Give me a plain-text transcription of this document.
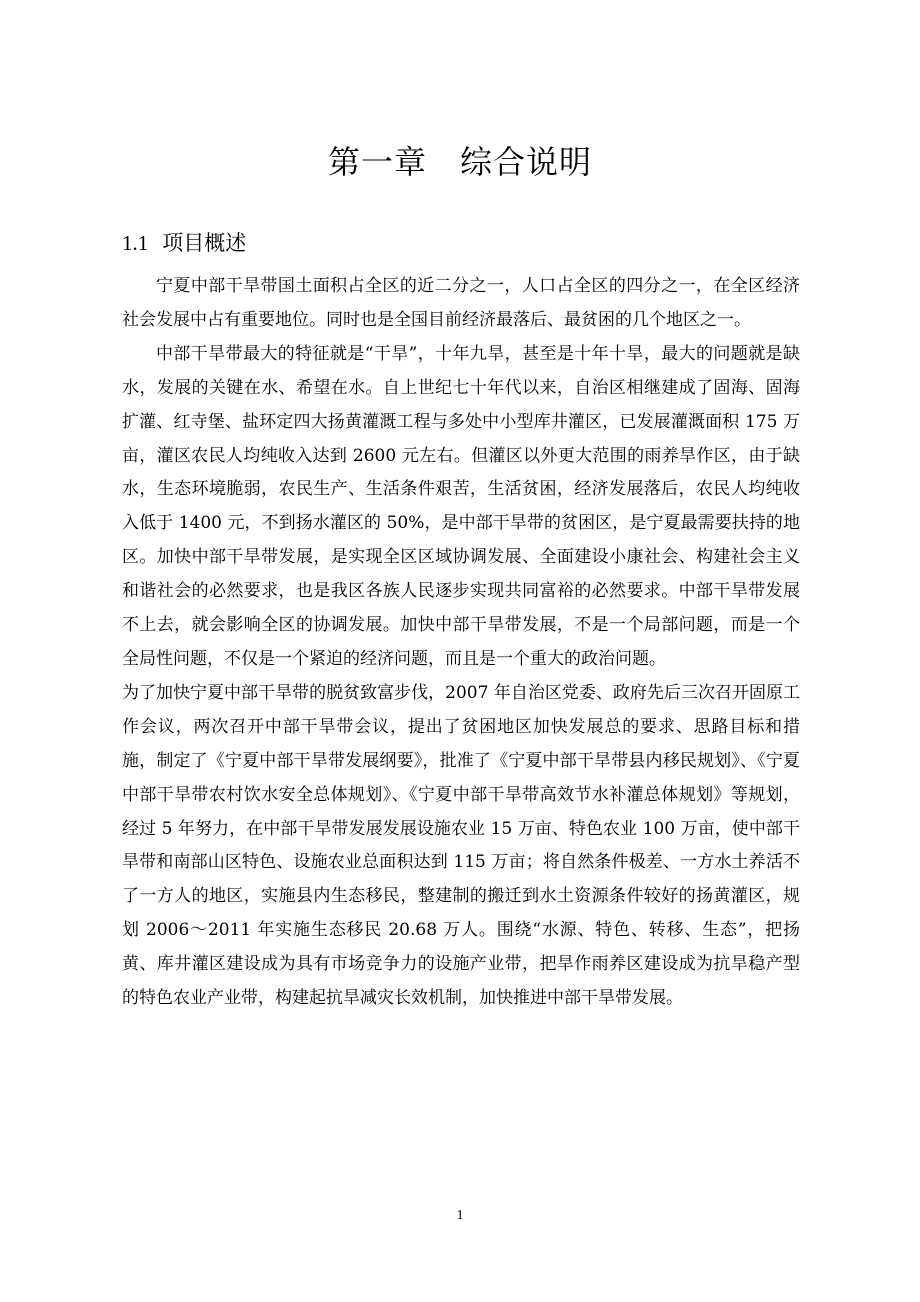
第一章　综合说明
1.1 项目概述

宁夏中部干旱带国土面积占全区的近二分之一，人口占全区的四分之一，在全区经济社会发展中占有重要地位。同时也是全国目前经济最落后、最贫困的几个地区之一。

中部干旱带最大的特征就是“干旱”，十年九旱，甚至是十年十旱，最大的问题就是缺水，发展的关键在水、希望在水。自上世纪七十年代以来，自治区相继建成了固海、固海扩灌、红寺堡、盐环定四大扬黄灌溉工程与多处中小型库井灌区，已发展灌溉面积 175 万亩，灌区农民人均纯收入达到 2600 元左右。但灌区以外更大范围的雨养旱作区，由于缺水，生态环境脆弱，农民生产、生活条件艰苦，生活贫困，经济发展落后，农民人均纯收入低于 1400 元，不到扬水灌区的 50%，是中部干旱带的贫困区，是宁夏最需要扶持的地区。加快中部干旱带发展，是实现全区区域协调发展、全面建设小康社会、构建社会主义和谐社会的必然要求，也是我区各族人民逐步实现共同富裕的必然要求。中部干旱带发展不上去，就会影响全区的协调发展。加快中部干旱带发展，不是一个局部问题，而是一个全局性问题，不仅是一个紧迫的经济问题，而且是一个重大的政治问题。

为了加快宁夏中部干旱带的脱贫致富步伐，2007 年自治区党委、政府先后三次召开固原工作会议，两次召开中部干旱带会议，提出了贫困地区加快发展总的要求、思路目标和措施，制定了《宁夏中部干旱带发展纲要》，批准了《宁夏中部干旱带县内移民规划》、《宁夏中部干旱带农村饮水安全总体规划》、《宁夏中部干旱带高效节水补灌总体规划》等规划，经过 5 年努力，在中部干旱带发展发展设施农业 15 万亩、特色农业 100 万亩，使中部干旱带和南部山区特色、设施农业总面积达到 115 万亩；将自然条件极差、一方水土养活不了一方人的地区，实施县内生态移民，整建制的搬迁到水土资源条件较好的扬黄灌区，规划 2006～2011 年实施生态移民 20.68 万人。围绕“水源、特色、转移、生态”，把扬黄、库井灌区建设成为具有市场竞争力的设施产业带，把旱作雨养区建设成为抗旱稳产型的特色农业产业带，构建起抗旱减灾长效机制，加快推进中部干旱带发展。

1
